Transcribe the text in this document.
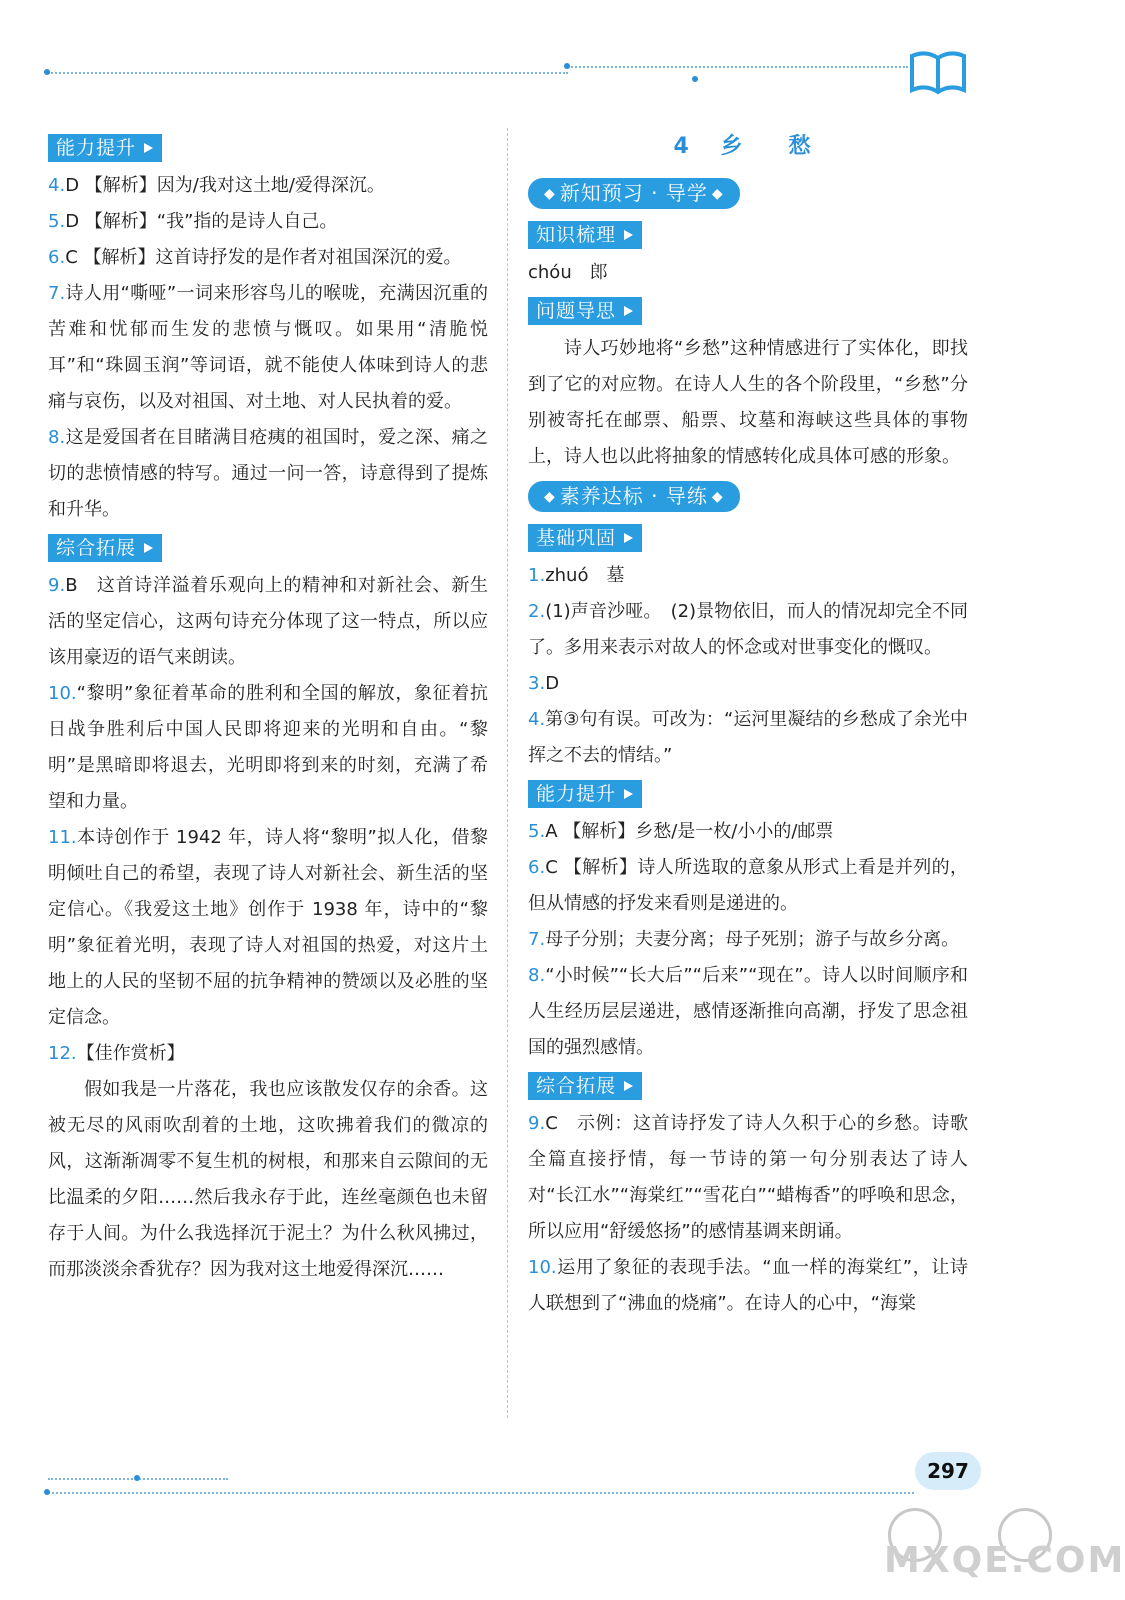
能力提升

4.D 【解析】因为/我对这土地/爱得深沉。

5.D 【解析】“我”指的是诗人自己。

6.C 【解析】这首诗抒发的是作者对祖国深沉的爱。

7.诗人用“嘶哑”一词来形容鸟儿的喉咙，充满因沉重的苦难和忧郁而生发的悲愤与慨叹。如果用“清脆悦耳”和“珠圆玉润”等词语，就不能使人体味到诗人的悲痛与哀伤，以及对祖国、对土地、对人民执着的爱。

8.这是爱国者在目睹满目疮痍的祖国时，爱之深、痛之切的悲愤情感的特写。通过一问一答，诗意得到了提炼和升华。

综合拓展

9.B　这首诗洋溢着乐观向上的精神和对新社会、新生活的坚定信心，这两句诗充分体现了这一特点，所以应该用豪迈的语气来朗读。

10.“黎明”象征着革命的胜利和全国的解放，象征着抗日战争胜利后中国人民即将迎来的光明和自由。“黎明”是黑暗即将退去，光明即将到来的时刻，充满了希望和力量。

11.本诗创作于 1942 年，诗人将“黎明”拟人化，借黎明倾吐自己的希望，表现了诗人对新社会、新生活的坚定信心。《我爱这土地》创作于 1938 年，诗中的“黎明”象征着光明，表现了诗人对祖国的热爱，对这片土地上的人民的坚韧不屈的抗争精神的赞颂以及必胜的坚定信念。

12.【佳作赏析】

假如我是一片落花，我也应该散发仅存的余香。这被无尽的风雨吹刮着的土地，这吹拂着我们的微凉的风，这渐渐凋零不复生机的树根，和那来自云隙间的无比温柔的夕阳……然后我永存于此，连丝毫颜色也未留存于人间。为什么我选择沉于泥土？为什么秋风拂过，而那淡淡余香犹存？因为我对这土地爱得深沉……

4 乡　愁
◆ 新知预习 · 导学 ◆
知识梳理

chóu　郎

问题导思

诗人巧妙地将“乡愁”这种情感进行了实体化，即找到了它的对应物。在诗人人生的各个阶段里，“乡愁”分别被寄托在邮票、船票、坟墓和海峡这些具体的事物上，诗人也以此将抽象的情感转化成具体可感的形象。

◆ 素养达标 · 导练 ◆
基础巩固

1.zhuó　墓

2.(1)声音沙哑。　(2)景物依旧，而人的情况却完全不同了。多用来表示对故人的怀念或对世事变化的慨叹。

3.D

4.第③句有误。可改为：“运河里凝结的乡愁成了余光中挥之不去的情结。”

能力提升

5.A 【解析】乡愁/是一枚/小小的/邮票

6.C 【解析】诗人所选取的意象从形式上看是并列的，但从情感的抒发来看则是递进的。

7.母子分别；夫妻分离；母子死别；游子与故乡分离。

8.“小时候”“长大后”“后来”“现在”。诗人以时间顺序和人生经历层层递进，感情逐渐推向高潮，抒发了思念祖国的强烈感情。

综合拓展

9.C　示例：这首诗抒发了诗人久积于心的乡愁。诗歌全篇直接抒情，每一节诗的第一句分别表达了诗人对“长江水”“海棠红”“雪花白”“蜡梅香”的呼唤和思念，所以应用“舒缓悠扬”的感情基调来朗诵。

10.运用了象征的表现手法。“血一样的海棠红”，让诗人联想到了“沸血的烧痛”。在诗人的心中，“海棠

297
MXQE.COM
